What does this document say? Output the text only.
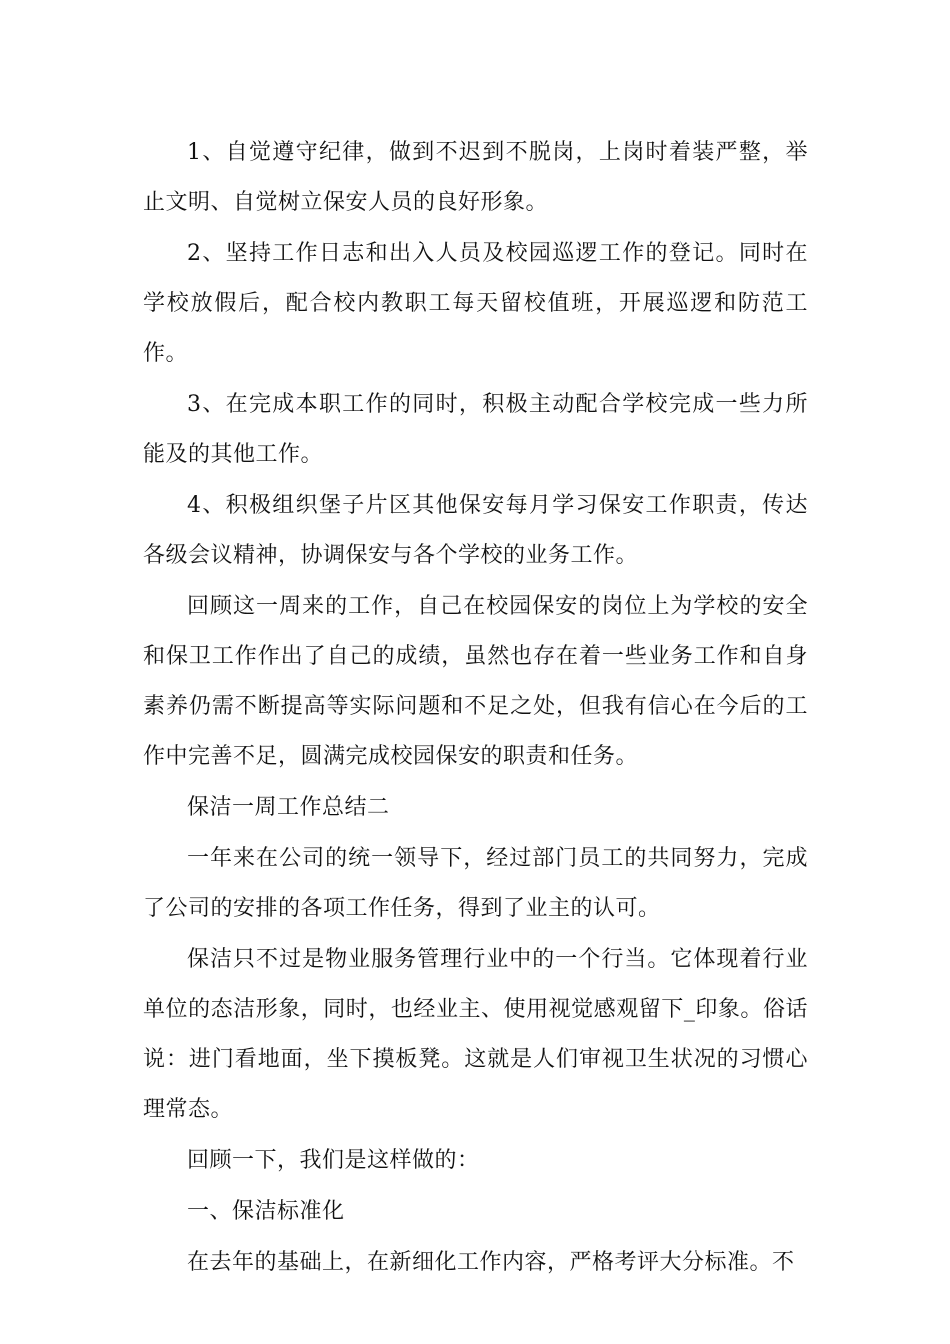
1、自觉遵守纪律，做到不迟到不脱岗，上岗时着装严整，举止文明、自觉树立保安人员的良好形象。

2、坚持工作日志和出入人员及校园巡逻工作的登记。同时在学校放假后，配合校内教职工每天留校值班，开展巡逻和防范工作。

3、在完成本职工作的同时，积极主动配合学校完成一些力所能及的其他工作。

4、积极组织堡子片区其他保安每月学习保安工作职责，传达各级会议精神，协调保安与各个学校的业务工作。

回顾这一周来的工作，自己在校园保安的岗位上为学校的安全和保卫工作作出了自己的成绩，虽然也存在着一些业务工作和自身素养仍需不断提高等实际问题和不足之处，但我有信心在今后的工作中完善不足，圆满完成校园保安的职责和任务。

保洁一周工作总结二

一年来在公司的统一领导下，经过部门员工的共同努力，完成了公司的安排的各项工作任务，得到了业主的认可。

保洁只不过是物业服务管理行业中的一个行当。它体现着行业单位的态洁形象，同时，也经业主、使用视觉感观留下_印象。俗话说：进门看地面，坐下摸板凳。这就是人们审视卫生状况的习惯心理常态。

回顾一下，我们是这样做的：

一、保洁标准化

在去年的基础上，在新细化工作内容，严格考评大分标准。不
